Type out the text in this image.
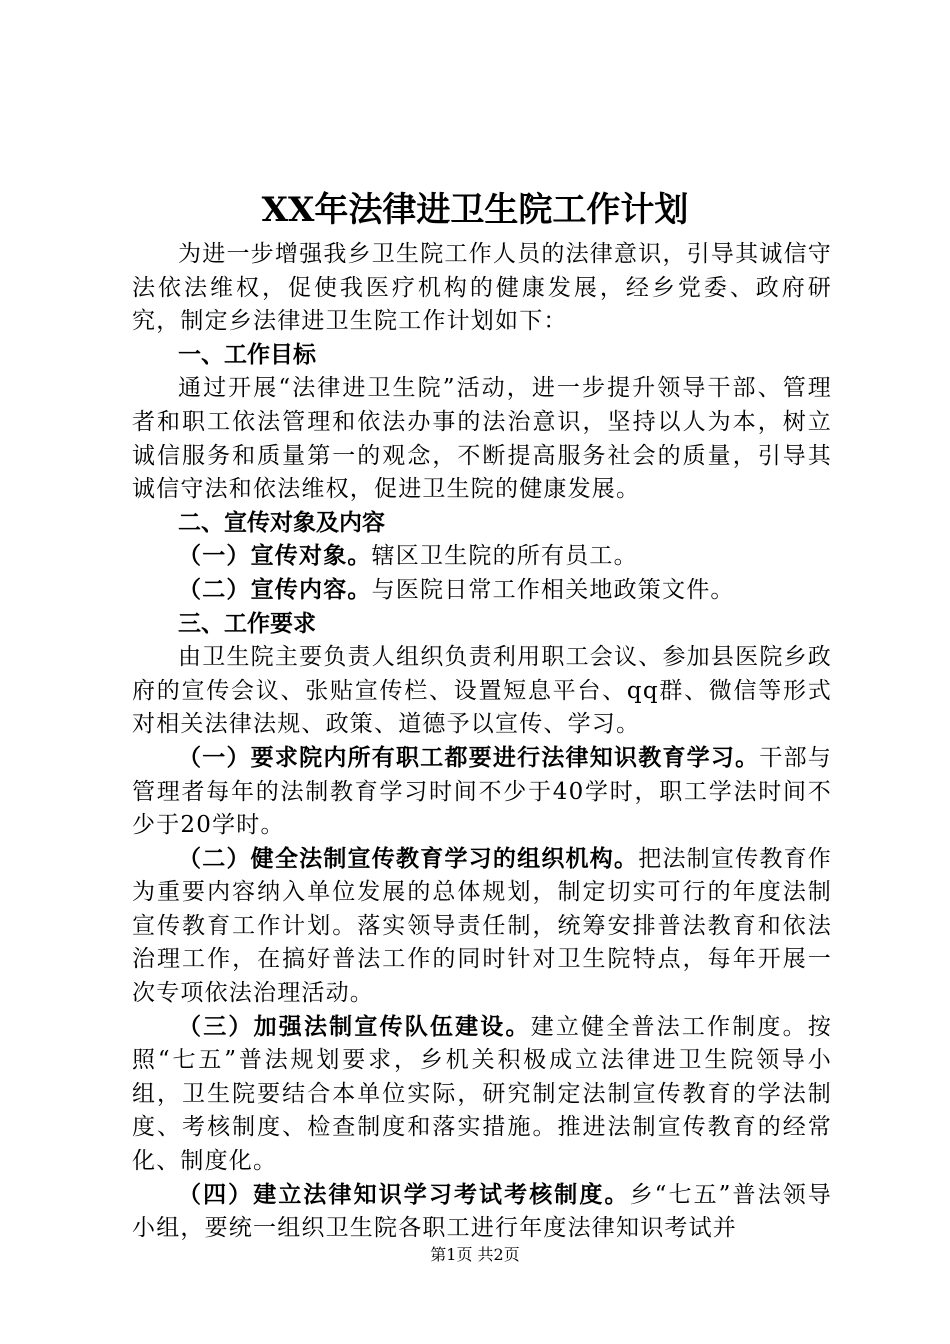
XX年法律进卫生院工作计划

为进一步增强我乡卫生院工作人员的法律意识，引导其诚信守法依法维权，促使我医疗机构的健康发展，经乡党委、政府研究，制定乡法律进卫生院工作计划如下：

一、工作目标

通过开展“法律进卫生院”活动，进一步提升领导干部、管理者和职工依法管理和依法办事的法治意识，坚持以人为本，树立诚信服务和质量第一的观念，不断提高服务社会的质量，引导其诚信守法和依法维权，促进卫生院的健康发展。

二、宣传对象及内容

（一）宣传对象。辖区卫生院的所有员工。

（二）宣传内容。与医院日常工作相关地政策文件。

三、工作要求

由卫生院主要负责人组织负责利用职工会议、参加县医院乡政府的宣传会议、张贴宣传栏、设置短息平台、qq群、微信等形式对相关法律法规、政策、道德予以宣传、学习。

（一）要求院内所有职工都要进行法律知识教育学习。干部与管理者每年的法制教育学习时间不少于40学时，职工学法时间不少于20学时。

（二）健全法制宣传教育学习的组织机构。把法制宣传教育作为重要内容纳入单位发展的总体规划，制定切实可行的年度法制宣传教育工作计划。落实领导责任制，统筹安排普法教育和依法治理工作，在搞好普法工作的同时针对卫生院特点，每年开展一次专项依法治理活动。

（三）加强法制宣传队伍建设。建立健全普法工作制度。按照“七五”普法规划要求，乡机关积极成立法律进卫生院领导小组，卫生院要结合本单位实际，研究制定法制宣传教育的学法制度、考核制度、检查制度和落实措施。推进法制宣传教育的经常化、制度化。

（四）建立法律知识学习考试考核制度。乡“七五”普法领导小组，要统一组织卫生院各职工进行年度法律知识考试并

第1页 共2页
